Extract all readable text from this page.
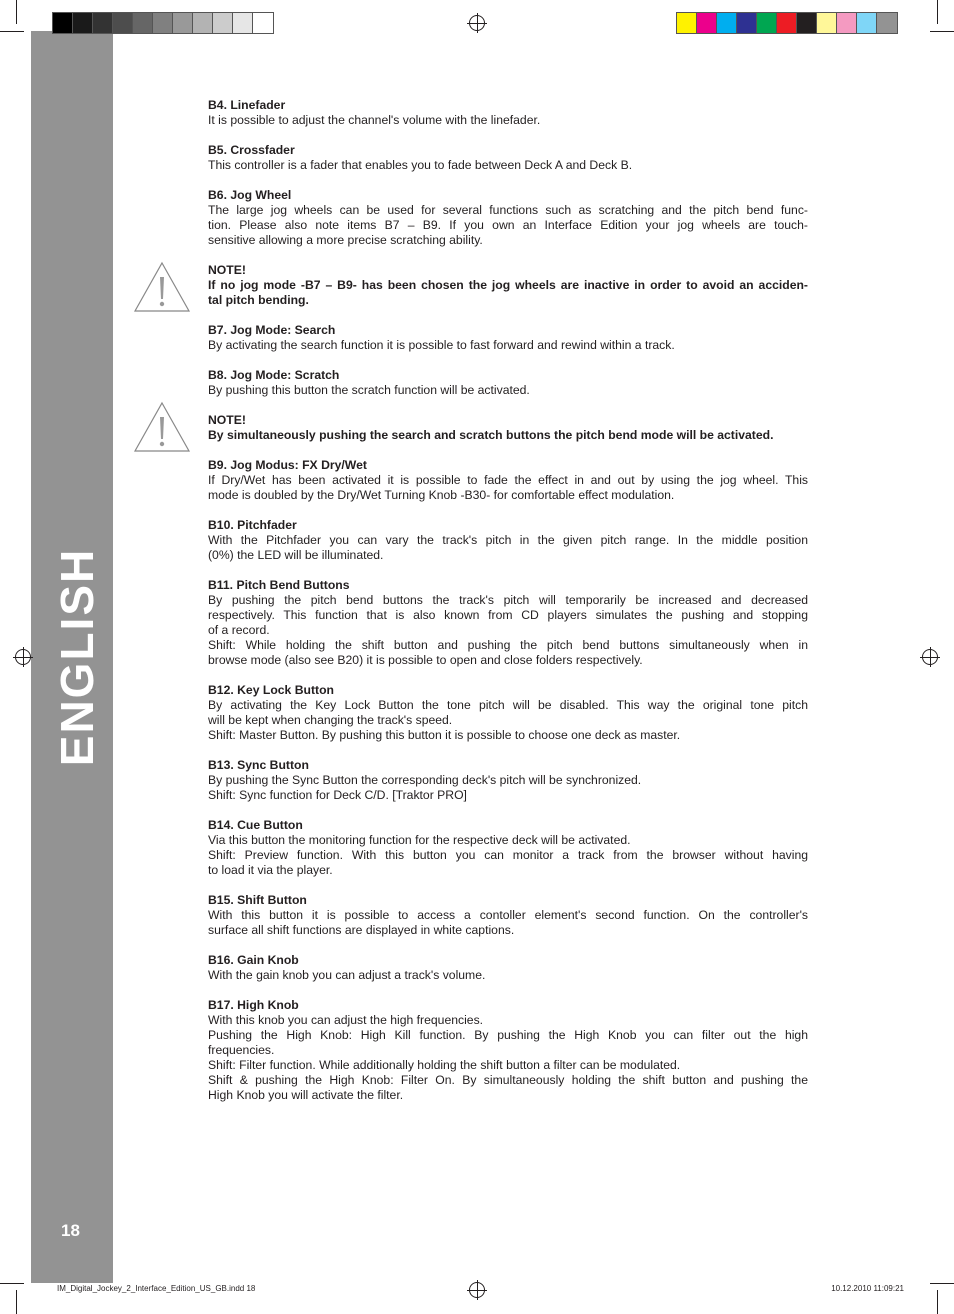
ENGLISH
18
B4. Linefader
It is possible to adjust the channel's volume with the linefader.
B5. Crossfader
This controller is a fader that enables you to fade between Deck A and Deck B.
B6. Jog Wheel
The large jog wheels can be used for several functions such as scratching and the pitch bend func-
tion. Please also note items B7 – B9. If you own an Interface Edition your jog wheels are touch-
sensitive allowing a more precise scratching ability.
NOTE!
If no jog mode -B7 – B9- has been chosen the jog wheels are inactive in order to avoid an acciden-
tal pitch bending.
B7. Jog Mode: Search
By activating the search function it is possible to fast forward and rewind within a track.
B8. Jog Mode: Scratch
By pushing this button the scratch function will be activated.
NOTE!
By simultaneously pushing the search and scratch buttons the pitch bend mode will be activated.
B9. Jog Modus: FX Dry/Wet
If Dry/Wet has been activated it is possible to fade the effect in and out by using the jog wheel. This
mode is doubled by the Dry/Wet Turning Knob -B30- for comfortable effect modulation.
B10. Pitchfader
With the Pitchfader you can vary the track's pitch in the given pitch range. In the middle position
(0%) the LED will be illuminated.
B11. Pitch Bend Buttons
By pushing the pitch bend buttons the track's pitch will temporarily be increased and decreased
respectively. This function that is also known from CD players simulates the pushing and stopping
of a record.
Shift: While holding the shift button and pushing the pitch bend buttons simultaneously when in
browse mode (also see B20) it is possible to open and close folders respectively.
B12. Key Lock Button
By activating the Key Lock Button the tone pitch will be disabled. This way the original tone pitch
will be kept when changing the track's speed.
Shift: Master Button. By pushing this button it is possible to choose one deck as master.
B13. Sync Button
By pushing the Sync Button the corresponding deck's pitch will be synchronized.
Shift: Sync function for Deck C/D. [Traktor PRO]
B14. Cue Button
Via this button the monitoring function for the respective deck will be activated.
Shift: Preview function. With this button you can monitor a track from the browser without having
to load it via the player.
B15. Shift Button
With this button it is possible to access a contoller element's second function. On the controller's
surface all shift functions are displayed in white captions.
B16. Gain Knob
With the gain knob you can adjust a track's volume.
B17. High Knob
With this knob you can adjust the high frequencies.
Pushing the High Knob: High Kill function. By pushing the High Knob you can filter out the high
frequencies.
Shift: Filter function. While additionally holding the shift button a filter can be modulated.
Shift & pushing the High Knob: Filter On. By simultaneously holding the shift button and pushing the
High Knob you will activate the filter.
IM_Digital_Jockey_2_Interface_Edition_US_GB.indd 18	10.12.2010 11:09:21
